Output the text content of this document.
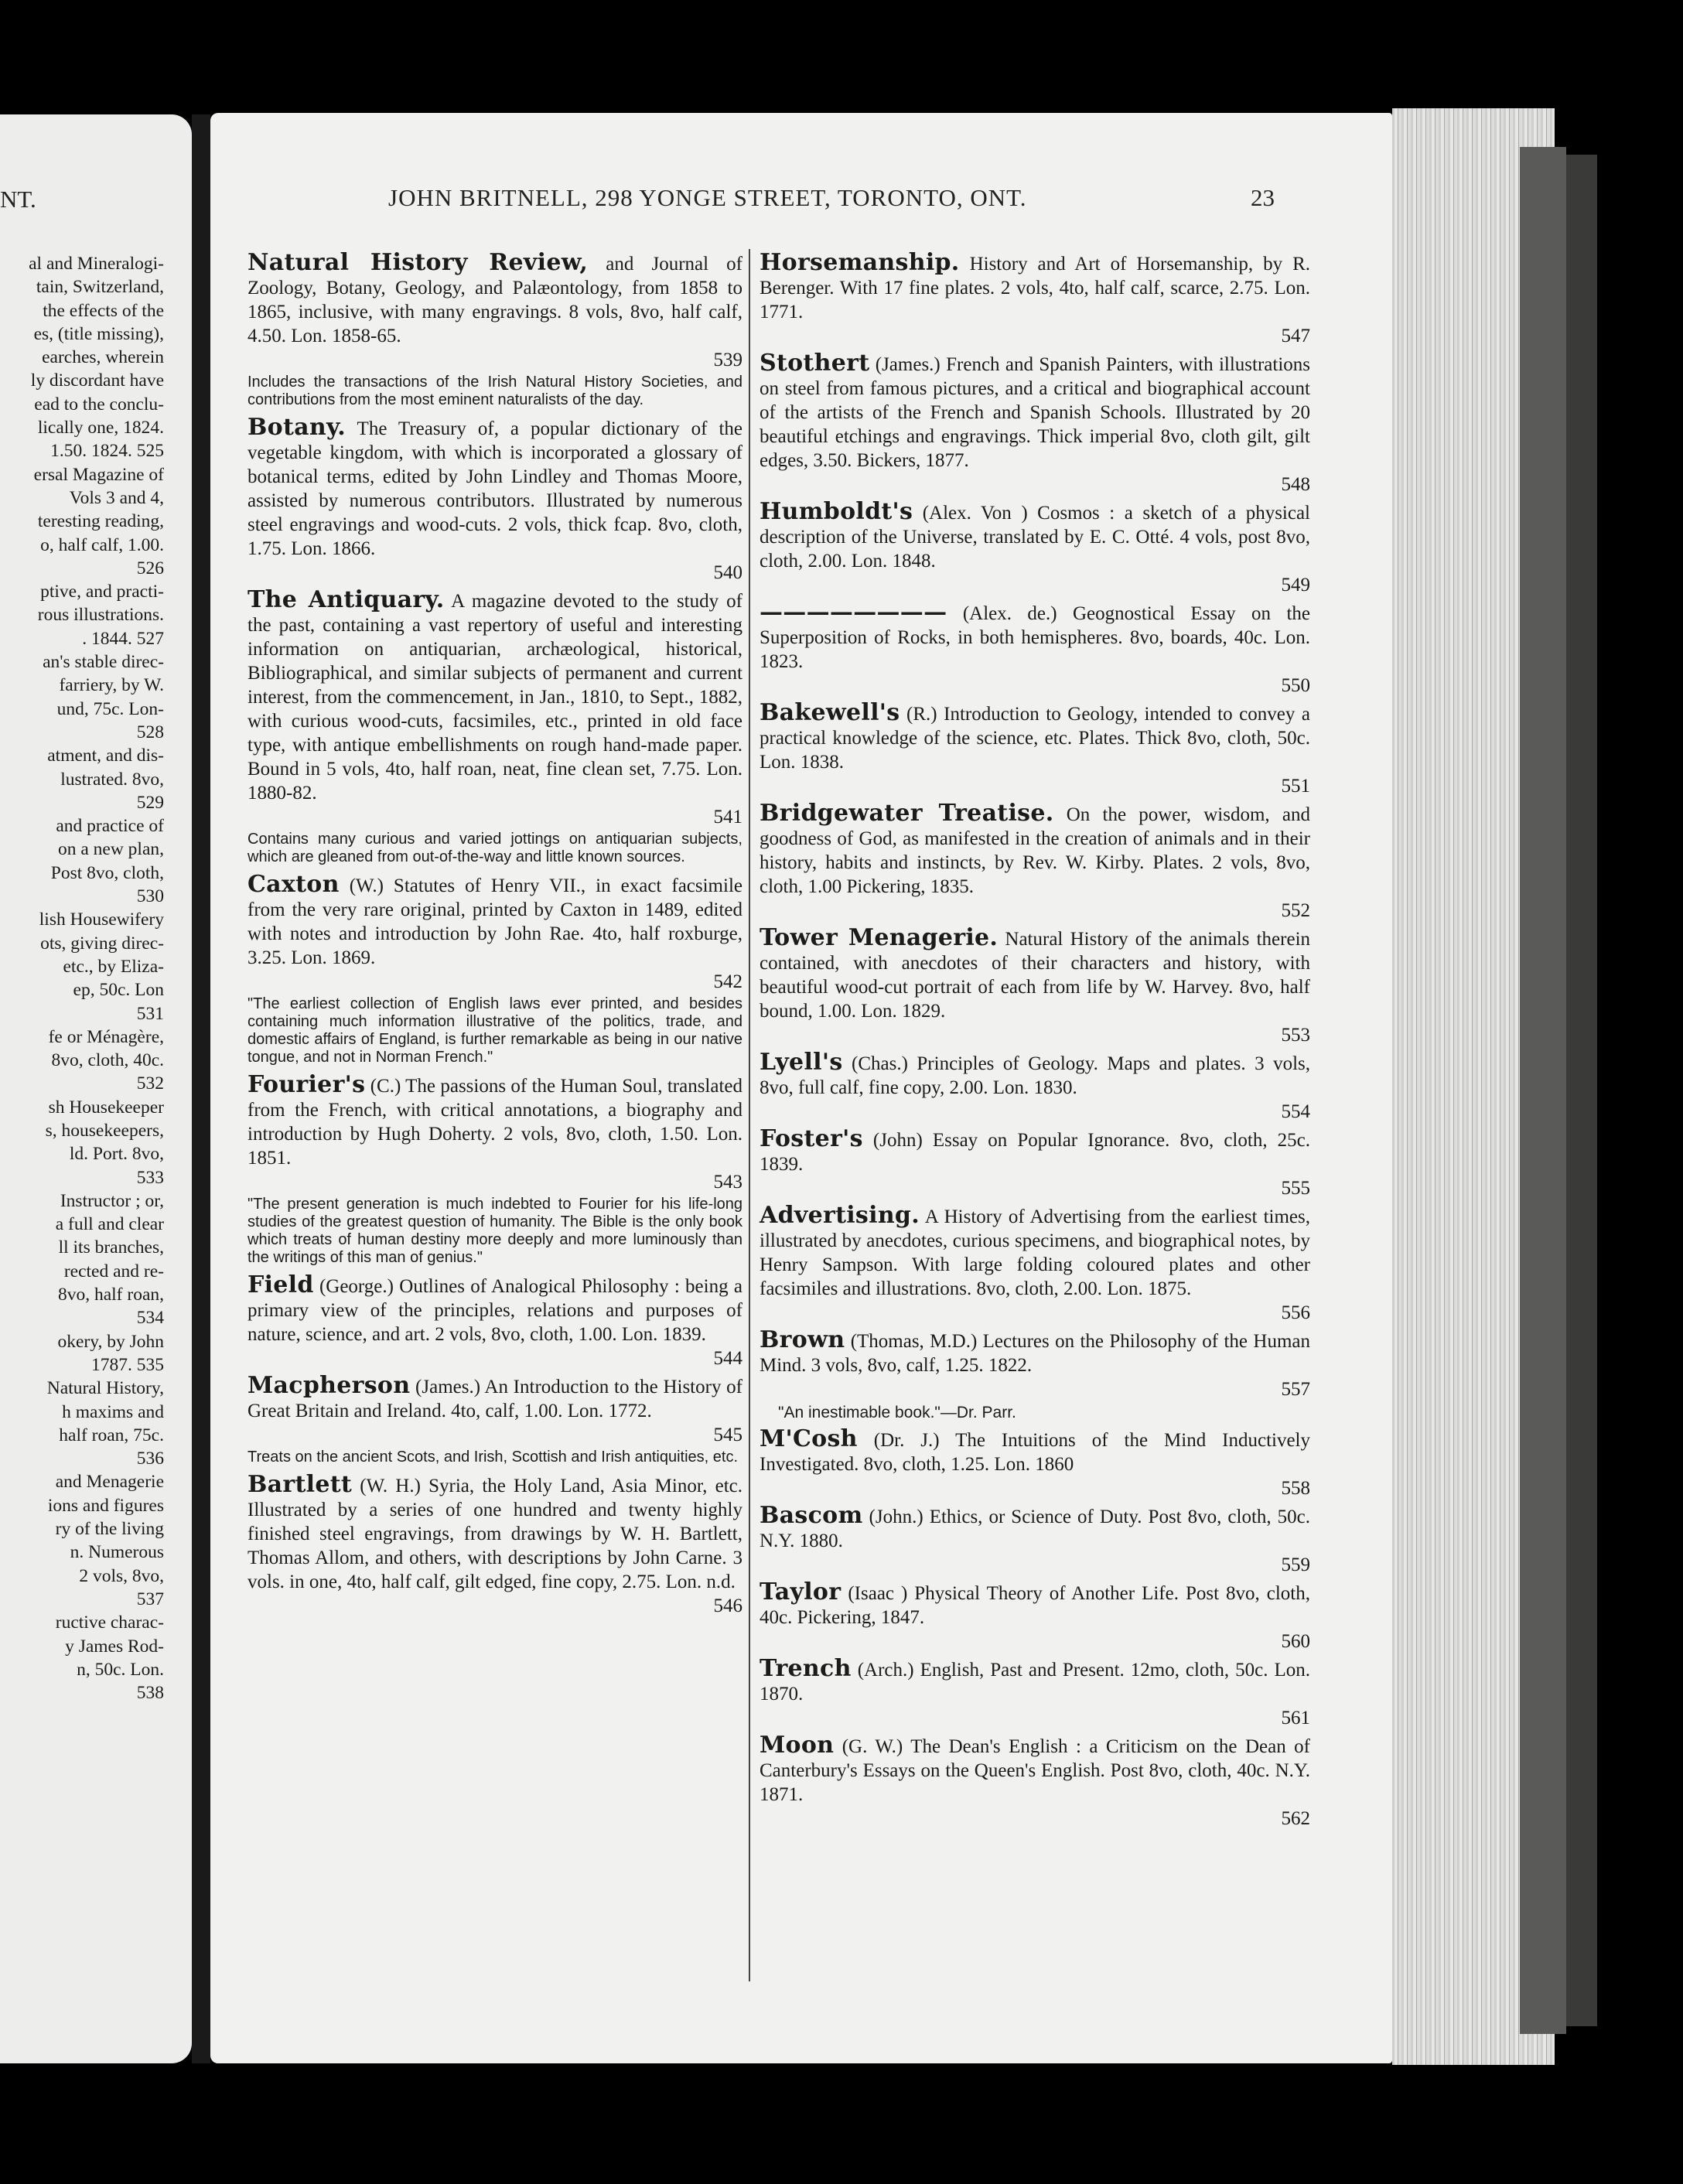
NT.
al and Mineralogi-
tain, Switzerland,
the effects of the
es, (title missing),
earches, wherein
ly discordant have
ead to the conclu-
lically one, 1824.
1.50. 1824. 525
ersal Magazine of
Vols 3 and 4,
teresting reading,
o, half calf, 1.00.
526
ptive, and practi-
rous illustrations.
. 1844. 527
an's stable direc-
farriery, by W.
und, 75c. Lon-
528
atment, and dis-
lustrated. 8vo,
529
and practice of
on a new plan,
Post 8vo, cloth,
530
lish Housewifery
ots, giving direc-
etc., by Eliza-
ep, 50c. Lon
531
fe or Ménagère,
8vo, cloth, 40c.
532
sh Housekeeper
s, housekeepers,
ld. Port. 8vo,
533
Instructor ; or,
a full and clear
ll its branches,
rected and re-
8vo, half roan,
534
okery, by John
1787. 535
Natural History,
h maxims and
half roan, 75c.
536
and Menagerie
ions and figures
ry of the living
n. Numerous
2 vols, 8vo,
537
ructive charac-
y James Rod-
n, 50c. Lon.
538
JOHN BRITNELL, 298 YONGE STREET, TORONTO, ONT.	23
Natural History Review, and Journal of Zoology, Botany, Geology, and Palæontology, from 1858 to 1865, inclusive, with many engravings. 8 vols, 8vo, half calf, 4.50. Lon. 1858-65.
539
Includes the transactions of the Irish Natural History Societies, and contributions from the most eminent naturalists of the day.
Botany. The Treasury of, a popular dictionary of the vegetable kingdom, with which is incorporated a glossary of botanical terms, edited by John Lindley and Thomas Moore, assisted by numerous contributors. Illustrated by numerous steel engravings and wood-cuts. 2 vols, thick fcap. 8vo, cloth, 1.75. Lon. 1866.
540
The Antiquary. A magazine devoted to the study of the past, containing a vast repertory of useful and interesting information on antiquarian, archæological, historical, Bibliographical, and similar subjects of permanent and current interest, from the commencement, in Jan., 1810, to Sept., 1882, with curious wood-cuts, facsimiles, etc., printed in old face type, with antique embellishments on rough hand-made paper. Bound in 5 vols, 4to, half roan, neat, fine clean set, 7.75. Lon. 1880-82.
541
Contains many curious and varied jottings on antiquarian subjects, which are gleaned from out-of-the-way and little known sources.
Caxton (W.) Statutes of Henry VII., in exact facsimile from the very rare original, printed by Caxton in 1489, edited with notes and introduction by John Rae. 4to, half roxburge, 3.25. Lon. 1869.
542
"The earliest collection of English laws ever printed, and besides containing much information illustrative of the politics, trade, and domestic affairs of England, is further remarkable as being in our native tongue, and not in Norman French."
Fourier's (C.) The passions of the Human Soul, translated from the French, with critical annotations, a biography and introduction by Hugh Doherty. 2 vols, 8vo, cloth, 1.50. Lon. 1851.
543
"The present generation is much indebted to Fourier for his life-long studies of the greatest question of humanity. The Bible is the only book which treats of human destiny more deeply and more luminously than the writings of this man of genius."
Field (George.) Outlines of Analogical Philosophy : being a primary view of the principles, relations and purposes of nature, science, and art. 2 vols, 8vo, cloth, 1.00. Lon. 1839.
544
Macpherson (James.) An Introduction to the History of Great Britain and Ireland. 4to, calf, 1.00. Lon. 1772.
545
Treats on the ancient Scots, and Irish, Scottish and Irish antiquities, etc.
Bartlett (W. H.) Syria, the Holy Land, Asia Minor, etc. Illustrated by a series of one hundred and twenty highly finished steel engravings, from drawings by W. H. Bartlett, Thomas Allom, and others, with descriptions by John Carne. 3 vols. in one, 4to, half calf, gilt edged, fine copy, 2.75. Lon. n.d.
546
Horsemanship. History and Art of Horsemanship, by R. Berenger. With 17 fine plates. 2 vols, 4to, half calf, scarce, 2.75. Lon. 1771.
547
Stothert (James.) French and Spanish Painters, with illustrations on steel from famous pictures, and a critical and biographical account of the artists of the French and Spanish Schools. Illustrated by 20 beautiful etchings and engravings. Thick imperial 8vo, cloth gilt, gilt edges, 3.50. Bickers, 1877.
548
Humboldt's (Alex. Von ) Cosmos : a sketch of a physical description of the Universe, translated by E. C. Otté. 4 vols, post 8vo, cloth, 2.00. Lon. 1848.
549
———————— (Alex. de.) Geognostical Essay on the Superposition of Rocks, in both hemispheres. 8vo, boards, 40c. Lon. 1823.
550
Bakewell's (R.) Introduction to Geology, intended to convey a practical knowledge of the science, etc. Plates. Thick 8vo, cloth, 50c. Lon. 1838.
551
Bridgewater Treatise. On the power, wisdom, and goodness of God, as manifested in the creation of animals and in their history, habits and instincts, by Rev. W. Kirby. Plates. 2 vols, 8vo, cloth, 1.00 Pickering, 1835.
552
Tower Menagerie. Natural History of the animals therein contained, with anecdotes of their characters and history, with beautiful wood-cut portrait of each from life by W. Harvey. 8vo, half bound, 1.00. Lon. 1829.
553
Lyell's (Chas.) Principles of Geology. Maps and plates. 3 vols, 8vo, full calf, fine copy, 2.00. Lon. 1830.
554
Foster's (John) Essay on Popular Ignorance. 8vo, cloth, 25c. 1839.
555
Advertising. A History of Advertising from the earliest times, illustrated by anecdotes, curious specimens, and biographical notes, by Henry Sampson. With large folding coloured plates and other facsimiles and illustrations. 8vo, cloth, 2.00. Lon. 1875.
556
Brown (Thomas, M.D.) Lectures on the Philosophy of the Human Mind. 3 vols, 8vo, calf, 1.25. 1822.
557
"An inestimable book."—Dr. Parr.
M'Cosh (Dr. J.) The Intuitions of the Mind Inductively Investigated. 8vo, cloth, 1.25. Lon. 1860
558
Bascom (John.) Ethics, or Science of Duty. Post 8vo, cloth, 50c. N.Y. 1880.
559
Taylor (Isaac ) Physical Theory of Another Life. Post 8vo, cloth, 40c. Pickering, 1847.
560
Trench (Arch.) English, Past and Present. 12mo, cloth, 50c. Lon. 1870.
561
Moon (G. W.) The Dean's English : a Criticism on the Dean of Canterbury's Essays on the Queen's English. Post 8vo, cloth, 40c. N.Y. 1871.
562
